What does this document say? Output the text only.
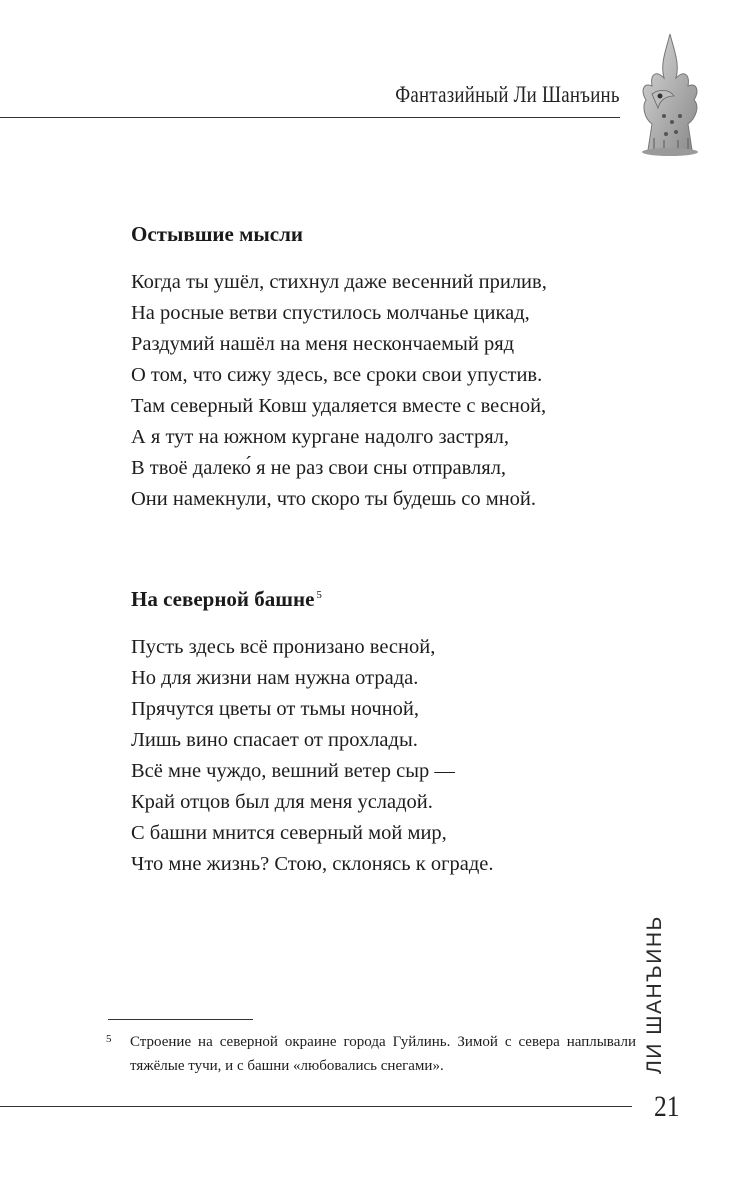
Фантазийный Ли Шанъинь
Остывшие мысли
Когда ты ушёл, стихнул даже весенний прилив,
На росные ветви спустилось молчанье цикад,
Раздумий нашёл на меня нескончаемый ряд
О том, что сижу здесь, все сроки свои упустив.
Там северный Ковш удаляется вместе с весной,
А я тут на южном кургане надолго застрял,
В твоё далеко́ я не раз свои сны отправлял,
Они намекнули, что скоро ты будешь со мной.
На северной башне $^5$
Пусть здесь всё пронизано весной,
Но для жизни нам нужна отрада.
Прячутся цветы от тьмы ночной,
Лишь вино спасает от прохлады.
Всё мне чуждо, вешний ветер сыр —
Край отцов был для меня усладой.
С башни мнится северный мой мир,
Что мне жизнь? Стою, склонясь к ограде.
5 Строение на северной окраине города Гуйлинь. Зимой с севера наплывали тяжёлые тучи, и с башни «любовались снегами».	ЛИ ШАНЪИНЬ
21
